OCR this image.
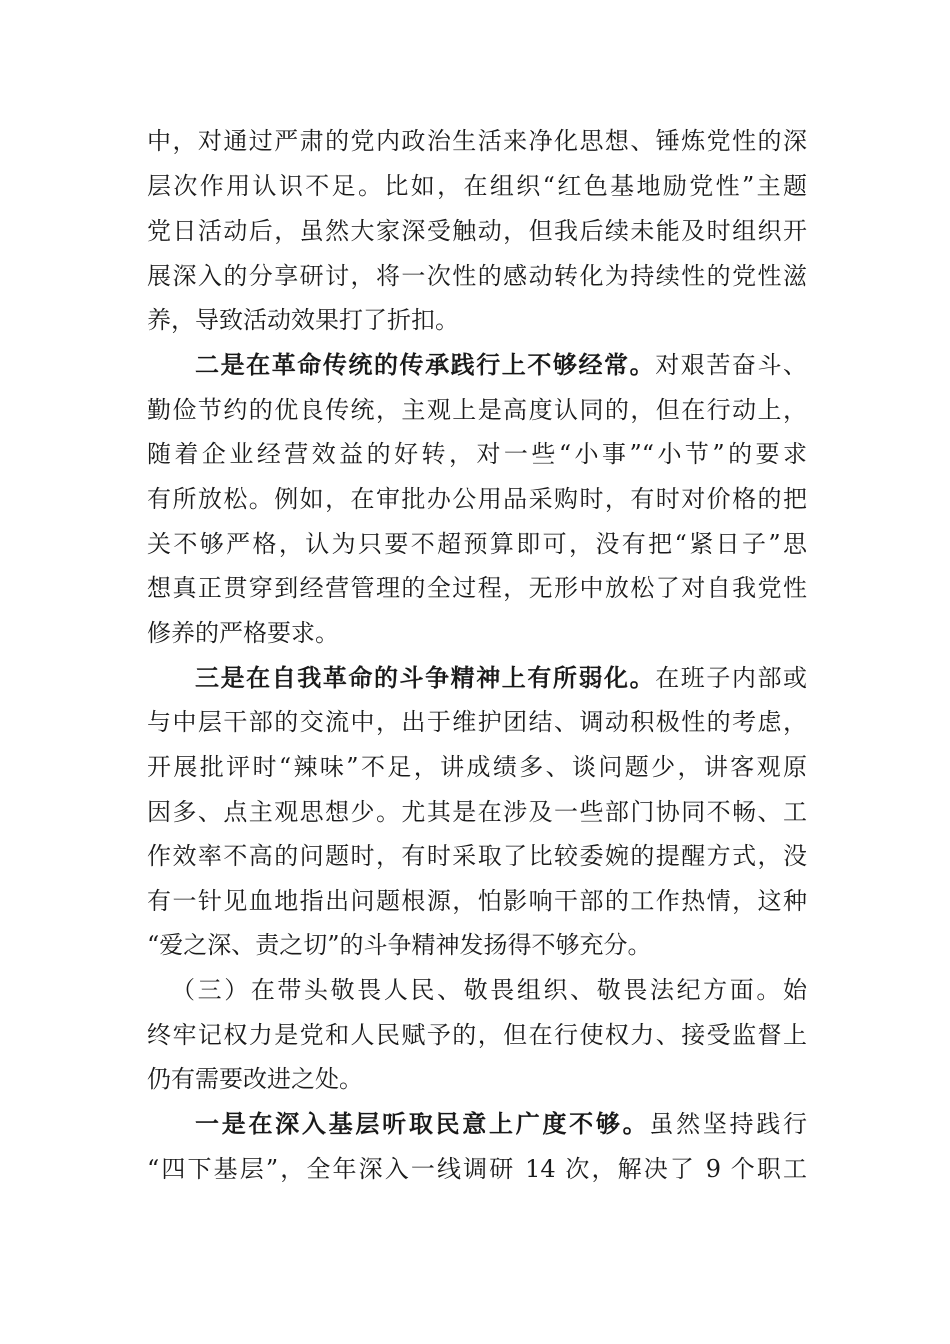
中，对通过严肃的党内政治生活来净化思想、锤炼党性的深
层次作用认识不足。比如，在组织“红色基地励党性”主题
党日活动后，虽然大家深受触动，但我后续未能及时组织开
展深入的分享研讨，将一次性的感动转化为持续性的党性滋
养，导致活动效果打了折扣。
二是在革命传统的传承践行上不够经常。对艰苦奋斗、
勤俭节约的优良传统，主观上是高度认同的，但在行动上，
随着企业经营效益的好转，对一些“小事”“小节”的要求
有所放松。例如，在审批办公用品采购时，有时对价格的把
关不够严格，认为只要不超预算即可，没有把“紧日子”思
想真正贯穿到经营管理的全过程，无形中放松了对自我党性
修养的严格要求。
三是在自我革命的斗争精神上有所弱化。在班子内部或
与中层干部的交流中，出于维护团结、调动积极性的考虑，
开展批评时“辣味”不足，讲成绩多、谈问题少，讲客观原
因多、点主观思想少。尤其是在涉及一些部门协同不畅、工
作效率不高的问题时，有时采取了比较委婉的提醒方式，没
有一针见血地指出问题根源，怕影响干部的工作热情，这种
“爱之深、责之切”的斗争精神发扬得不够充分。
（三）在带头敬畏人民、敬畏组织、敬畏法纪方面。始
终牢记权力是党和人民赋予的，但在行使权力、接受监督上
仍有需要改进之处。
一是在深入基层听取民意上广度不够。虽然坚持践行
“四下基层”，全年深入一线调研 14 次，解决了 9 个职工
